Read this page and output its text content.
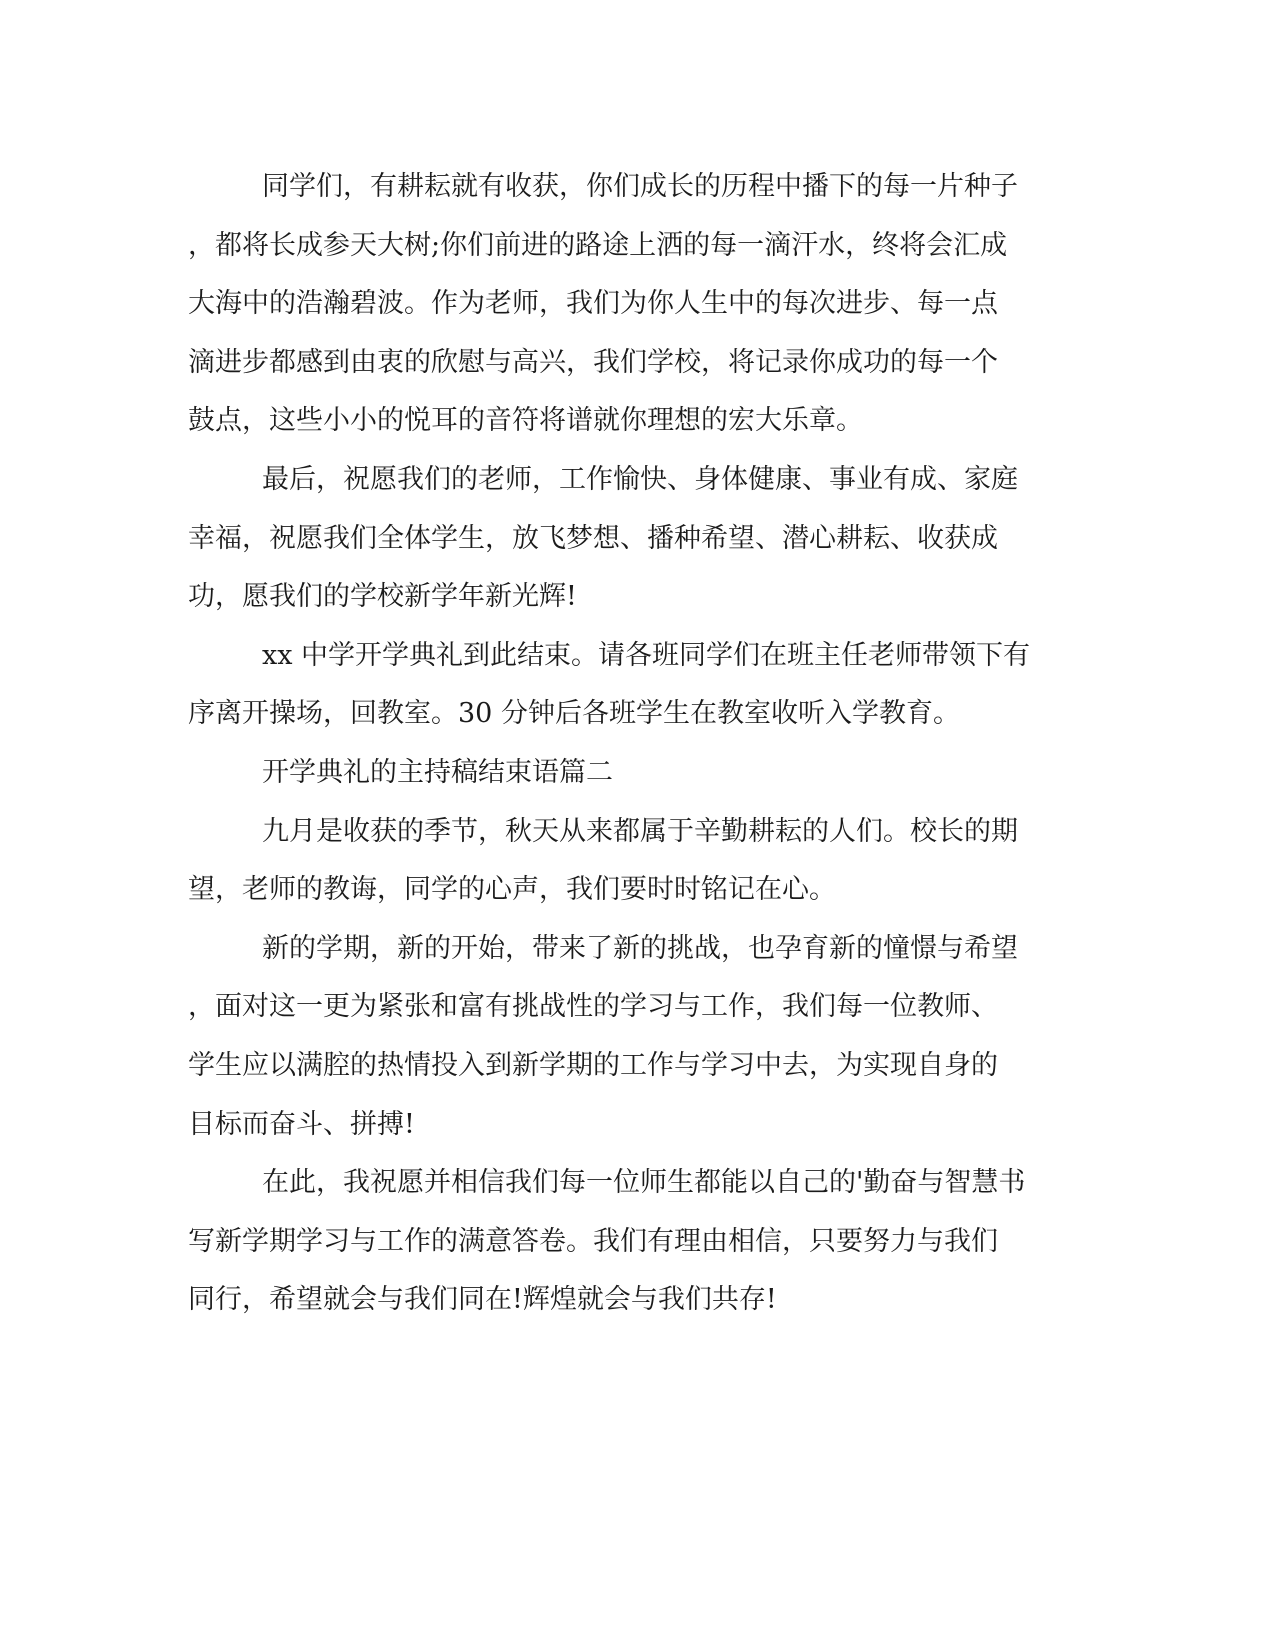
同学们，有耕耘就有收获，你们成长的历程中播下的每一片种子
，都将长成参天大树;你们前进的路途上洒的每一滴汗水，终将会汇成
大海中的浩瀚碧波。作为老师，我们为你人生中的每次进步、每一点
滴进步都感到由衷的欣慰与高兴，我们学校，将记录你成功的每一个
鼓点，这些小小的悦耳的音符将谱就你理想的宏大乐章。
最后，祝愿我们的老师，工作愉快、身体健康、事业有成、家庭
幸福，祝愿我们全体学生，放飞梦想、播种希望、潜心耕耘、收获成
功，愿我们的学校新学年新光辉!
xx 中学开学典礼到此结束。请各班同学们在班主任老师带领下有
序离开操场，回教室。30 分钟后各班学生在教室收听入学教育。
开学典礼的主持稿结束语篇二
九月是收获的季节，秋天从来都属于辛勤耕耘的人们。校长的期
望，老师的教诲，同学的心声，我们要时时铭记在心。
新的学期，新的开始，带来了新的挑战，也孕育新的憧憬与希望
，面对这一更为紧张和富有挑战性的学习与工作，我们每一位教师、
学生应以满腔的热情投入到新学期的工作与学习中去，为实现自身的
目标而奋斗、拼搏!
在此，我祝愿并相信我们每一位师生都能以自己的'勤奋与智慧书
写新学期学习与工作的满意答卷。我们有理由相信，只要努力与我们
同行，希望就会与我们同在!辉煌就会与我们共存!
